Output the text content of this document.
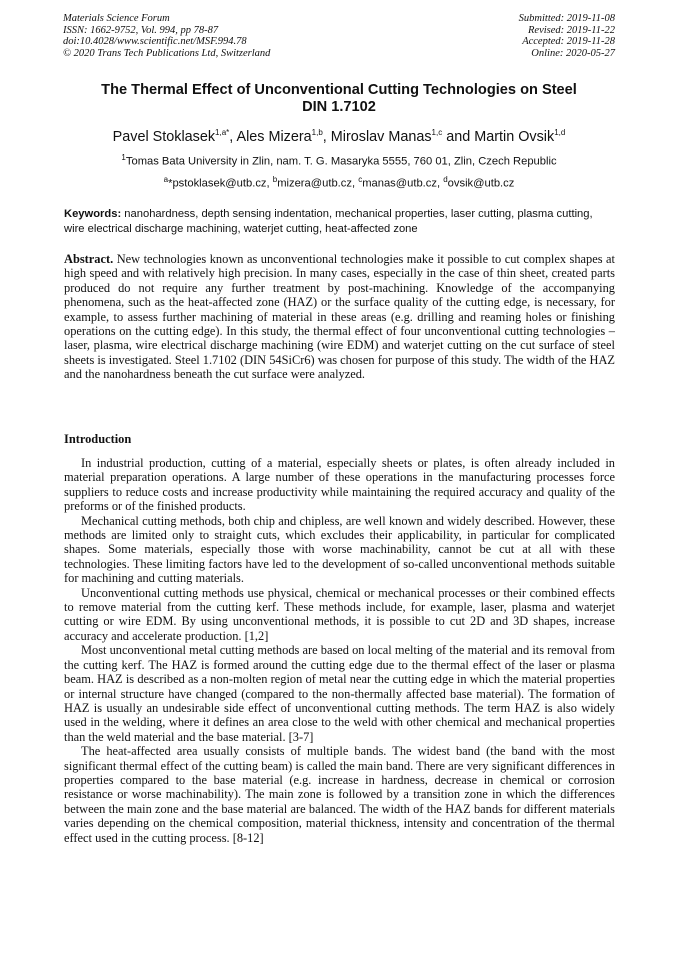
Materials Science Forum
ISSN: 1662-9752, Vol. 994, pp 78-87
doi:10.4028/www.scientific.net/MSF.994.78
© 2020 Trans Tech Publications Ltd, Switzerland
Submitted: 2019-11-08
Revised: 2019-11-22
Accepted: 2019-11-28
Online: 2020-05-27
The Thermal Effect of Unconventional Cutting Technologies on Steel
DIN 1.7102
Pavel Stoklasek$^{1,a*}$, Ales Mizera$^{1,b}$, Miroslav Manas$^{1,c}$ and Martin Ovsik$^{1,d}$
$^1$Tomas Bata University in Zlin, nam. T. G. Masaryka 5555, 760 01, Zlin, Czech Republic
$^a$*pstoklasek@utb.cz, $^b$mizera@utb.cz, $^c$manas@utb.cz, $^d$ovsik@utb.cz
Keywords: nanohardness, depth sensing indentation, mechanical properties, laser cutting, plasma cutting, wire electrical discharge machining, waterjet cutting, heat-affected zone
Abstract. New technologies known as unconventional technologies make it possible to cut complex shapes at high speed and with relatively high precision. In many cases, especially in the case of thin sheet, created parts produced do not require any further treatment by post-machining. Knowledge of the accompanying phenomena, such as the heat-affected zone (HAZ) or the surface quality of the cutting edge, is necessary, for example, to assess further machining of material in these areas (e.g. drilling and reaming holes or finishing operations on the cutting edge). In this study, the thermal effect of four unconventional cutting technologies – laser, plasma, wire electrical discharge machining (wire EDM) and waterjet cutting on the cut surface of steel sheets is investigated. Steel 1.7102 (DIN 54SiCr6) was chosen for purpose of this study. The width of the HAZ and the nanohardness beneath the cut surface were analyzed.
Introduction

In industrial production, cutting of a material, especially sheets or plates, is often already included in material preparation operations. A large number of these operations in the manufacturing processes force suppliers to reduce costs and increase productivity while maintaining the required accuracy and quality of the preforms or of the finished products.

Mechanical cutting methods, both chip and chipless, are well known and widely described. However, these methods are limited only to straight cuts, which excludes their applicability, in particular for complicated shapes. Some materials, especially those with worse machinability, cannot be cut at all with these technologies. These limiting factors have led to the development of so-called unconventional methods suitable for machining and cutting materials.

Unconventional cutting methods use physical, chemical or mechanical processes or their combined effects to remove material from the cutting kerf. These methods include, for example, laser, plasma and waterjet cutting or wire EDM. By using unconventional methods, it is possible to cut 2D and 3D shapes, increase accuracy and accelerate production. [1,2]

Most unconventional metal cutting methods are based on local melting of the material and its removal from the cutting kerf. The HAZ is formed around the cutting edge due to the thermal effect of the laser or plasma beam. HAZ is described as a non-molten region of metal near the cutting edge in which the material properties or internal structure have changed (compared to the non-thermally affected base material). The formation of HAZ is usually an undesirable side effect of unconventional cutting methods. The term HAZ is also widely used in the welding, where it defines an area close to the weld with other chemical and mechanical properties than the weld material and the base material. [3-7]

The heat-affected area usually consists of multiple bands. The widest band (the band with the most significant thermal effect of the cutting beam) is called the main band. There are very significant differences in properties compared to the base material (e.g. increase in hardness, decrease in chemical or corrosion resistance or worse machinability). The main zone is followed by a transition zone in which the differences between the main zone and the base material are balanced. The width of the HAZ bands for different materials varies depending on the chemical composition, material thickness, intensity and concentration of the thermal effect used in the cutting process. [8-12]
